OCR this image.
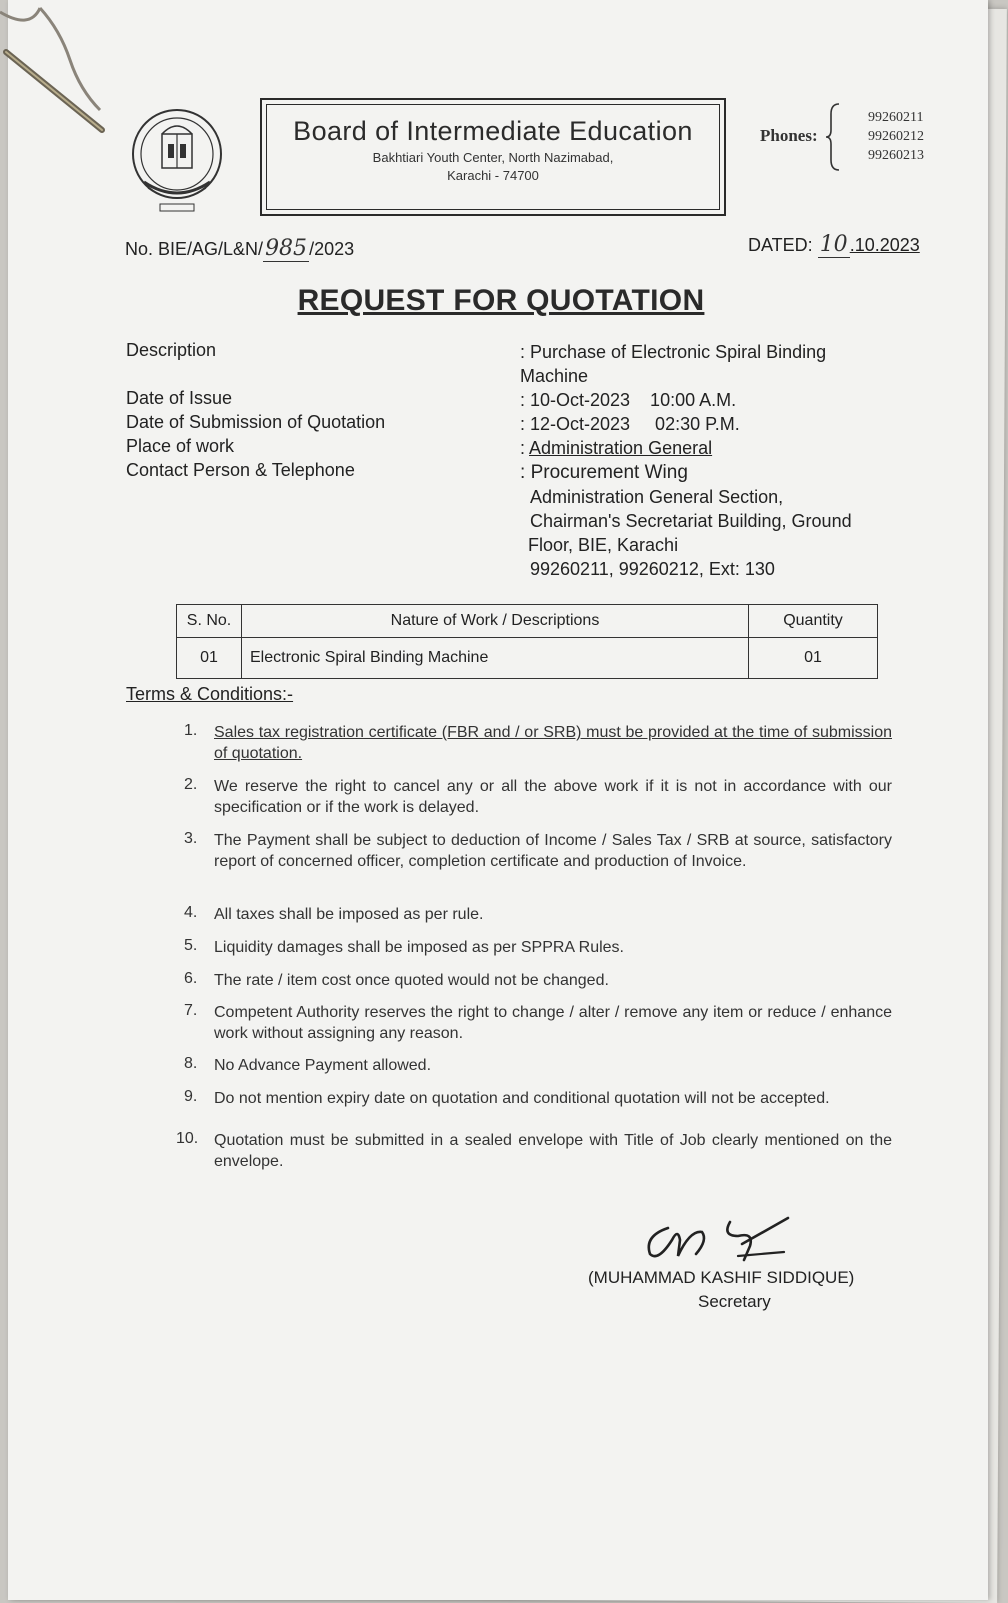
Board of Intermediate Education
Bakhtiari Youth Center, North Nazimabad,
Karachi - 74700
Phones:
99260211
99260212
99260213
No. BIE/AG/L&N/985 /2023	DATED: 10 .10.2023
REQUEST FOR QUOTATION
Description	: Purchase of Electronic Spiral Binding
Machine
Date of Issue	: 10-Oct-2023    10:00 A.M.
Date of Submission of Quotation	: 12-Oct-2023     02:30 P.M.
Place of work	: Administration General
Contact Person & Telephone	: Procurement Wing
Administration General Section,
Chairman's Secretariat Building, Ground
Floor, BIE, Karachi
99260211, 99260212, Ext: 130
S. No.	Nature of Work / Descriptions	Quantity
01	Electronic Spiral Binding Machine	01
Terms & Conditions:-
1. Sales tax registration certificate (FBR and / or SRB) must be provided at the time of submission of quotation.
2. We reserve the right to cancel any or all the above work if it is not in accordance with our specification or if the work is delayed.
3. The Payment shall be subject to deduction of Income / Sales Tax / SRB at source, satisfactory report of concerned officer, completion certificate and production of Invoice.
4. All taxes shall be imposed as per rule.
5. Liquidity damages shall be imposed as per SPPRA Rules.
6. The rate / item cost once quoted would not be changed.
7. Competent Authority reserves the right to change / alter / remove any item or reduce / enhance work without assigning any reason.
8. No Advance Payment allowed.
9. Do not mention expiry date on quotation and conditional quotation will not be accepted.
10. Quotation must be submitted in a sealed envelope with Title of Job clearly mentioned on the envelope.
(MUHAMMAD KASHIF SIDDIQUE)
Secretary
